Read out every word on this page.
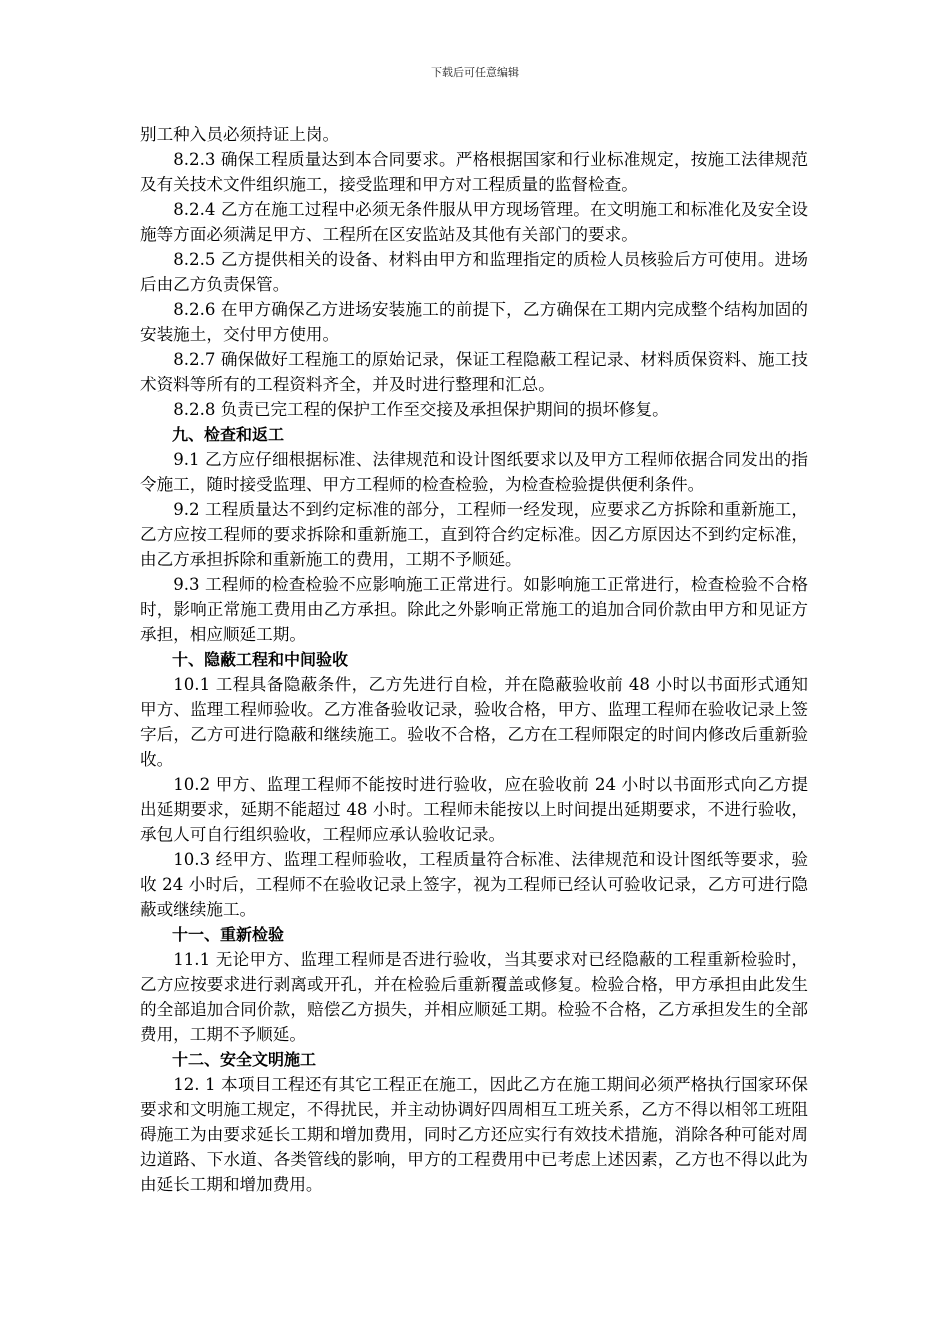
下载后可任意编辑

别工种入员必须持证上岗。

8.2.3 确保工程质量达到本合同要求。严格根据国家和行业标准规定，按施工法律规范及有关技术文件组织施工，接受监理和甲方对工程质量的监督检查。

8.2.4 乙方在施工过程中必须无条件服从甲方现场管理。在文明施工和标准化及安全设施等方面必须满足甲方、工程所在区安监站及其他有关部门的要求。

8.2.5 乙方提供相关的设备、材料由甲方和监理指定的质检人员核验后方可使用。进场后由乙方负责保管。

8.2.6 在甲方确保乙方进场安装施工的前提下，乙方确保在工期内完成整个结构加固的安装施土，交付甲方使用。

8.2.7 确保做好工程施工的原始记录，保证工程隐蔽工程记录、材料质保资料、施工技术资料等所有的工程资料齐全，并及时进行整理和汇总。

8.2.8 负责已完工程的保护工作至交接及承担保护期间的损坏修复。

九、检查和返工

9.1 乙方应仔细根据标准、法律规范和设计图纸要求以及甲方工程师依据合同发出的指令施工，随时接受监理、甲方工程师的检查检验，为检查检验提供便利条件。

9.2 工程质量达不到约定标准的部分，工程师一经发现，应要求乙方拆除和重新施工，乙方应按工程师的要求拆除和重新施工，直到符合约定标准。因乙方原因达不到约定标准，由乙方承担拆除和重新施工的费用，工期不予顺延。

9.3 工程师的检查检验不应影响施工正常进行。如影响施工正常进行，检查检验不合格时，影响正常施工费用由乙方承担。除此之外影响正常施工的追加合同价款由甲方和见证方承担，相应顺延工期。

十、隐蔽工程和中间验收

10.1 工程具备隐蔽条件，乙方先进行自检，并在隐蔽验收前 48 小时以书面形式通知甲方、监理工程师验收。乙方准备验收记录，验收合格，甲方、监理工程师在验收记录上签字后，乙方可进行隐蔽和继续施工。验收不合格，乙方在工程师限定的时间内修改后重新验收。

10.2 甲方、监理工程师不能按时进行验收，应在验收前 24 小时以书面形式向乙方提出延期要求，延期不能超过 48 小时。工程师未能按以上时间提出延期要求，不进行验收，承包人可自行组织验收，工程师应承认验收记录。

10.3 经甲方、监理工程师验收，工程质量符合标准、法律规范和设计图纸等要求，验收 24 小时后，工程师不在验收记录上签字，视为工程师已经认可验收记录，乙方可进行隐蔽或继续施工。

十一、重新检验

11.1 无论甲方、监理工程师是否进行验收，当其要求对已经隐蔽的工程重新检验时，乙方应按要求进行剥离或开孔，并在检验后重新覆盖或修复。检验合格，甲方承担由此发生的全部追加合同价款，赔偿乙方损失，并相应顺延工期。检验不合格，乙方承担发生的全部费用，工期不予顺延。

十二、安全文明施工

12. 1 本项目工程还有其它工程正在施工，因此乙方在施工期间必须严格执行国家环保要求和文明施工规定，不得扰民，并主动协调好四周相互工班关系，乙方不得以相邻工班阻碍施工为由要求延长工期和增加费用，同时乙方还应实行有效技术措施，消除各种可能对周边道路、下水道、各类管线的影响，甲方的工程费用中已考虑上述因素，乙方也不得以此为由延长工期和增加费用。
